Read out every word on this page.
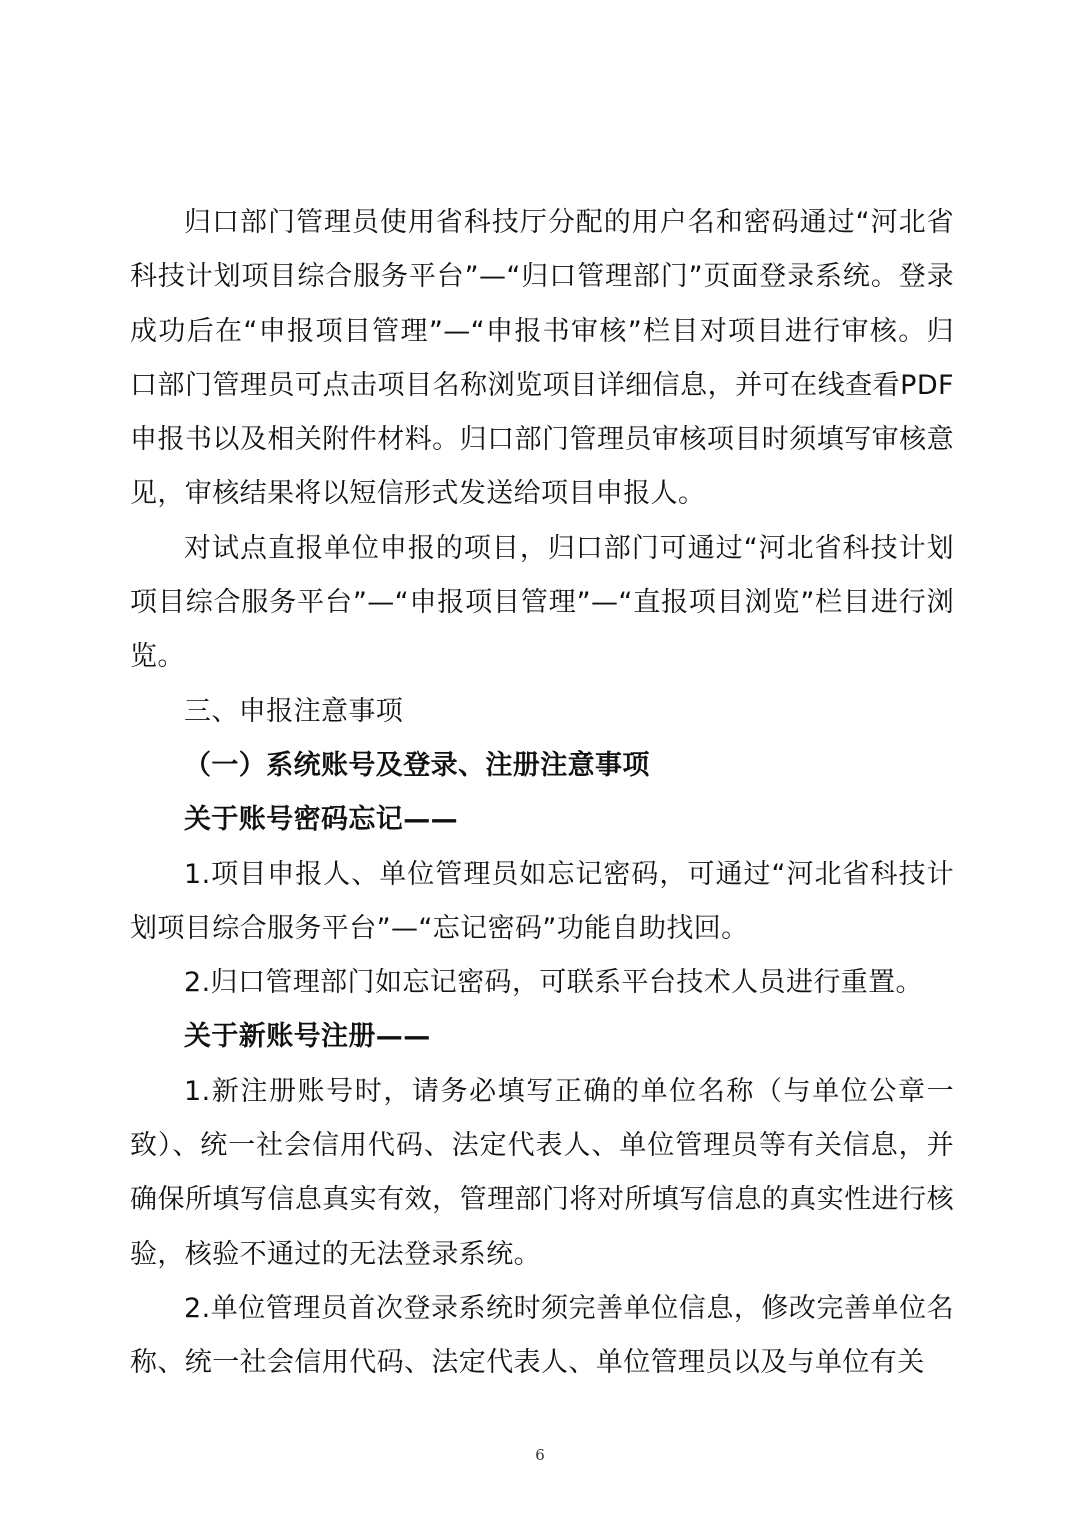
归口部门管理员使用省科技厅分配的用户名和密码通过“河北省科技计划项目综合服务平台”—“归口管理部门”页面登录系统。登录成功后在“申报项目管理”—“申报书审核”栏目对项目进行审核。归口部门管理员可点击项目名称浏览项目详细信息，并可在线查看PDF申报书以及相关附件材料。归口部门管理员审核项目时须填写审核意见，审核结果将以短信形式发送给项目申报人。

对试点直报单位申报的项目，归口部门可通过“河北省科技计划项目综合服务平台”—“申报项目管理”—“直报项目浏览”栏目进行浏览。

三、申报注意事项

（一）系统账号及登录、注册注意事项

关于账号密码忘记——

1.项目申报人、单位管理员如忘记密码，可通过“河北省科技计划项目综合服务平台”—“忘记密码”功能自助找回。

2.归口管理部门如忘记密码，可联系平台技术人员进行重置。

关于新账号注册——

1.新注册账号时，请务必填写正确的单位名称（与单位公章一致）、统一社会信用代码、法定代表人、单位管理员等有关信息，并确保所填写信息真实有效，管理部门将对所填写信息的真实性进行核验，核验不通过的无法登录系统。

2.单位管理员首次登录系统时须完善单位信息，修改完善单位名称、统一社会信用代码、法定代表人、单位管理员以及与单位有关

6
